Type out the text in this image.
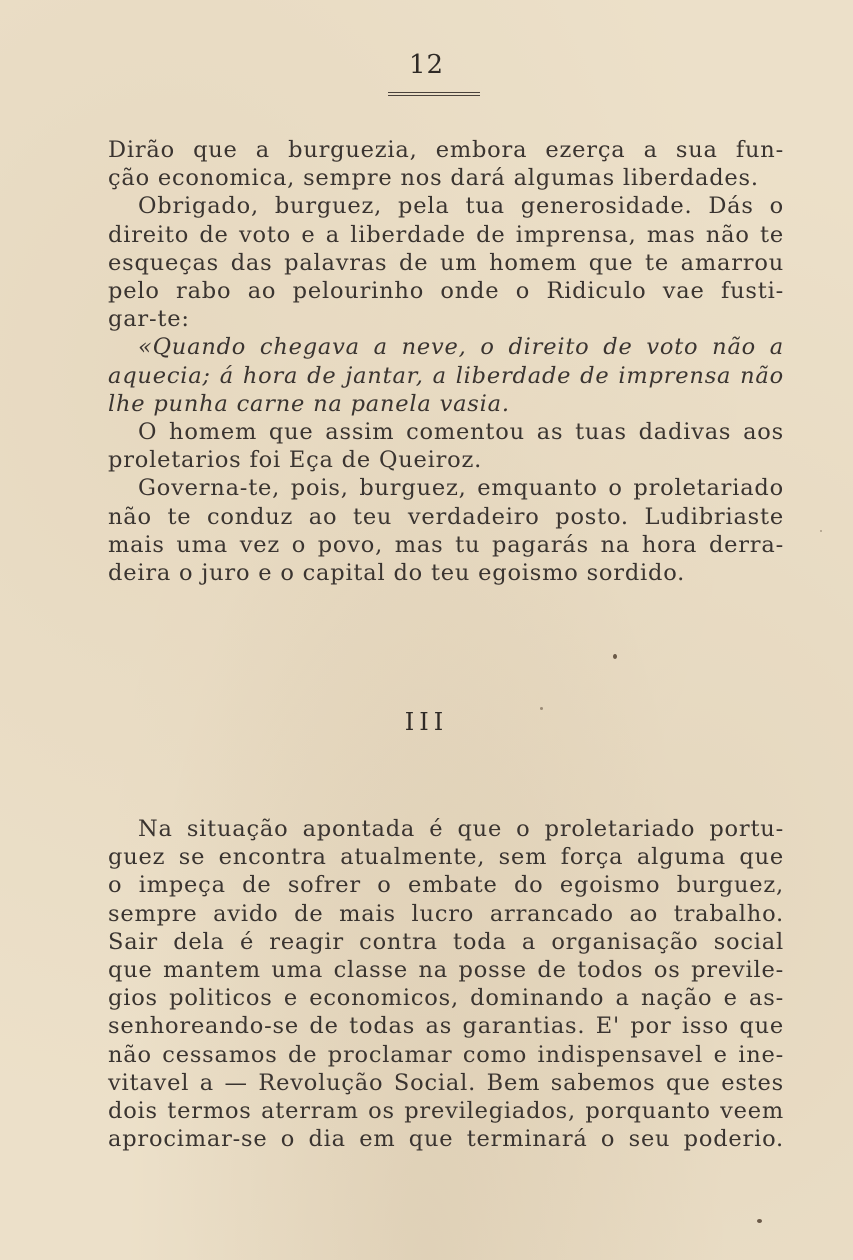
12
Dirão que a burguezia, embora ezerça a sua fun-
ção economica, sempre nos dará algumas liberdades.
Obrigado, burguez, pela tua generosidade. Dás o
direito de voto e a liberdade de imprensa, mas não te
esqueças das palavras de um homem que te amarrou
pelo rabo ao pelourinho onde o Ridiculo vae fusti-
gar-te:
«Quando chegava a neve, o direito de voto não a
aquecia; á hora de jantar, a liberdade de imprensa não
lhe punha carne na panela vasia.
O homem que assim comentou as tuas dadivas aos
proletarios foi Eça de Queiroz.
Governa-te, pois, burguez, emquanto o proletariado
não te conduz ao teu verdadeiro posto. Ludibriaste
mais uma vez o povo, mas tu pagarás na hora derra-
deira o juro e o capital do teu egoismo sordido.
III
Na situação apontada é que o proletariado portu-
guez se encontra atualmente, sem força alguma que
o impeça de sofrer o embate do egoismo burguez,
sempre avido de mais lucro arrancado ao trabalho.
Sair dela é reagir contra toda a organisação social
que mantem uma classe na posse de todos os previle-
gios politicos e economicos, dominando a nação e as-
senhoreando-se de todas as garantias. E' por isso que
não cessamos de proclamar como indispensavel e ine-
vitavel a — Revolução Social. Bem sabemos que estes
dois termos aterram os previlegiados, porquanto veem
aprocimar-se o dia em que terminará o seu poderio.
